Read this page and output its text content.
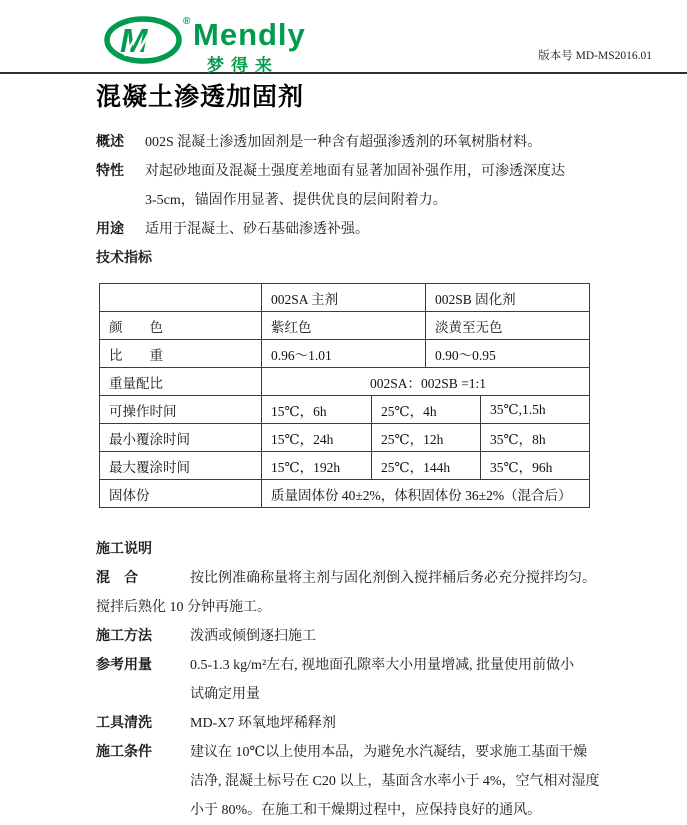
M
® Mendly
梦得来	版本号 MD-MS2016.01
混凝土渗透加固剂
概述	002S 混凝土渗透加固剂是一种含有超强渗透剂的环氧树脂材料。
特性	对起砂地面及混凝土强度差地面有显著加固补强作用，可渗透深度达
3-5cm，锚固作用显著、提供优良的层间附着力。
用途	适用于混凝土、砂石基础渗透补强。
技术指标
	002SA 主剂		002SB 固化剂	
颜　　色	紫红色		淡黄至无色	
比　　重	0.96～1.01		0.90～0.95	
重量配比	002SA：002SB =1:1			
可操作时间	15℃，6h	25℃，4h		35℃,1.5h
最小覆涂时间	15℃，24h	25℃，12h		35℃，8h
最大覆涂时间	15℃，192h	25℃，144h		35℃，96h
固体份	质量固体份 40±2%，体积固体份 36±2%（混合后）			
施工说明
混　合	按比例准确称量将主剂与固化剂倒入搅拌桶后务必充分搅拌均匀。
搅拌后熟化 10 分钟再施工。
施工方法	泼洒或倾倒逐扫施工
参考用量	0.5-1.3 kg/m²左右, 视地面孔隙率大小用量增减, 批量使用前做小
试确定用量
工具清洗	MD-X7 环氧地坪稀释剂
施工条件	建议在 10℃以上使用本品，为避免水汽凝结，要求施工基面干燥
洁净, 混凝土标号在 C20 以上，基面含水率小于 4%，空气相对湿度
小于 80%。在施工和干燥期过程中，应保持良好的通风。
